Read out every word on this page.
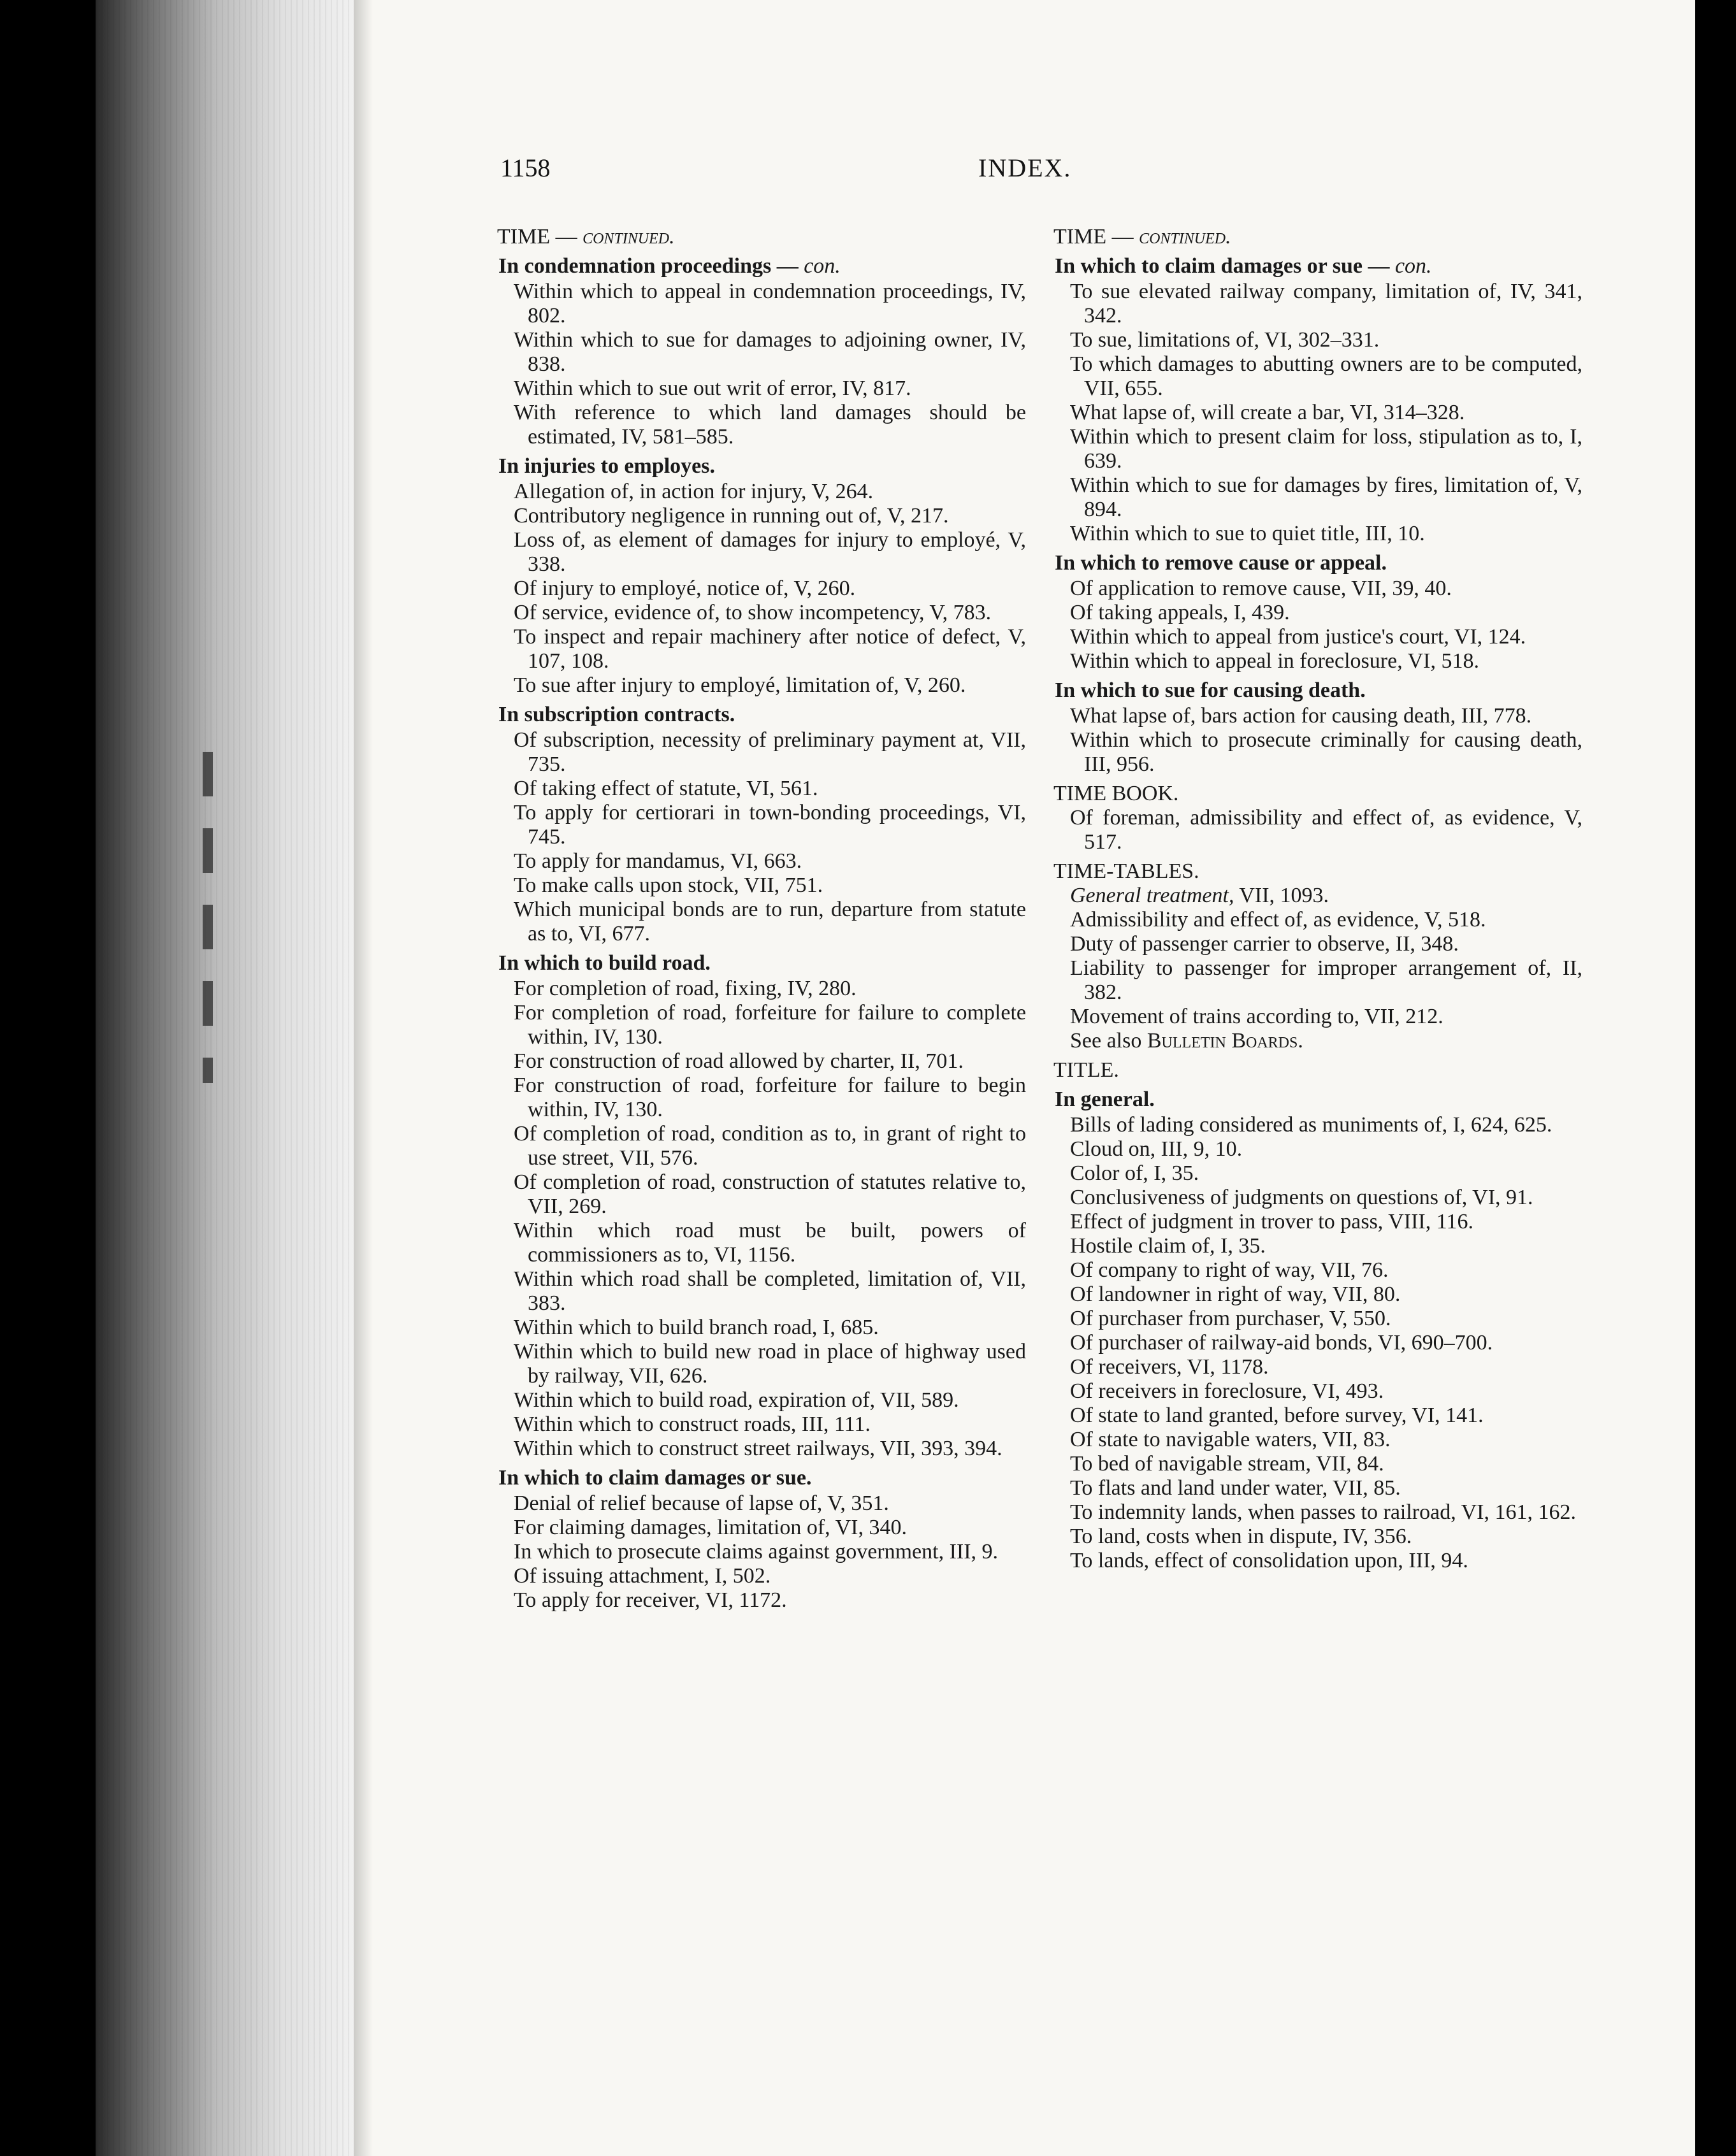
1158	INDEX.
TIME — continued.
In condemnation proceedings — con.
Within which to appeal in condemnation proceedings, IV, 802.
Within which to sue for damages to adjoining owner, IV, 838.
Within which to sue out writ of error, IV, 817.
With reference to which land damages should be estimated, IV, 581–585.
In injuries to employes.
Allegation of, in action for injury, V, 264.
Contributory negligence in running out of, V, 217.
Loss of, as element of damages for injury to employé, V, 338.
Of injury to employé, notice of, V, 260.
Of service, evidence of, to show incompetency, V, 783.
To inspect and repair machinery after notice of defect, V, 107, 108.
To sue after injury to employé, limitation of, V, 260.
In subscription contracts.
Of subscription, necessity of preliminary payment at, VII, 735.
Of taking effect of statute, VI, 561.
To apply for certiorari in town-bonding proceedings, VI, 745.
To apply for mandamus, VI, 663.
To make calls upon stock, VII, 751.
Which municipal bonds are to run, departure from statute as to, VI, 677.
In which to build road.
For completion of road, fixing, IV, 280.
For completion of road, forfeiture for failure to complete within, IV, 130.
For construction of road allowed by charter, II, 701.
For construction of road, forfeiture for failure to begin within, IV, 130.
Of completion of road, condition as to, in grant of right to use street, VII, 576.
Of completion of road, construction of statutes relative to, VII, 269.
Within which road must be built, powers of commissioners as to, VI, 1156.
Within which road shall be completed, limitation of, VII, 383.
Within which to build branch road, I, 685.
Within which to build new road in place of highway used by railway, VII, 626.
Within which to build road, expiration of, VII, 589.
Within which to construct roads, III, 111.
Within which to construct street railways, VII, 393, 394.
In which to claim damages or sue.
Denial of relief because of lapse of, V, 351.
For claiming damages, limitation of, VI, 340.
In which to prosecute claims against government, III, 9.
Of issuing attachment, I, 502.
To apply for receiver, VI, 1172.
TIME — continued.
In which to claim damages or sue — con.
To sue elevated railway company, limitation of, IV, 341, 342.
To sue, limitations of, VI, 302–331.
To which damages to abutting owners are to be computed, VII, 655.
What lapse of, will create a bar, VI, 314–328.
Within which to present claim for loss, stipulation as to, I, 639.
Within which to sue for damages by fires, limitation of, V, 894.
Within which to sue to quiet title, III, 10.
In which to remove cause or appeal.
Of application to remove cause, VII, 39, 40.
Of taking appeals, I, 439.
Within which to appeal from justice's court, VI, 124.
Within which to appeal in foreclosure, VI, 518.
In which to sue for causing death.
What lapse of, bars action for causing death, III, 778.
Within which to prosecute criminally for causing death, III, 956.
TIME BOOK.
Of foreman, admissibility and effect of, as evidence, V, 517.
TIME-TABLES.
General treatment, VII, 1093.
Admissibility and effect of, as evidence, V, 518.
Duty of passenger carrier to observe, II, 348.
Liability to passenger for improper arrangement of, II, 382.
Movement of trains according to, VII, 212.
See also Bulletin Boards.
TITLE.
In general.
Bills of lading considered as muniments of, I, 624, 625.
Cloud on, III, 9, 10.
Color of, I, 35.
Conclusiveness of judgments on questions of, VI, 91.
Effect of judgment in trover to pass, VIII, 116.
Hostile claim of, I, 35.
Of company to right of way, VII, 76.
Of landowner in right of way, VII, 80.
Of purchaser from purchaser, V, 550.
Of purchaser of railway-aid bonds, VI, 690–700.
Of receivers, VI, 1178.
Of receivers in foreclosure, VI, 493.
Of state to land granted, before survey, VI, 141.
Of state to navigable waters, VII, 83.
To bed of navigable stream, VII, 84.
To flats and land under water, VII, 85.
To indemnity lands, when passes to railroad, VI, 161, 162.
To land, costs when in dispute, IV, 356.
To lands, effect of consolidation upon, III, 94.
